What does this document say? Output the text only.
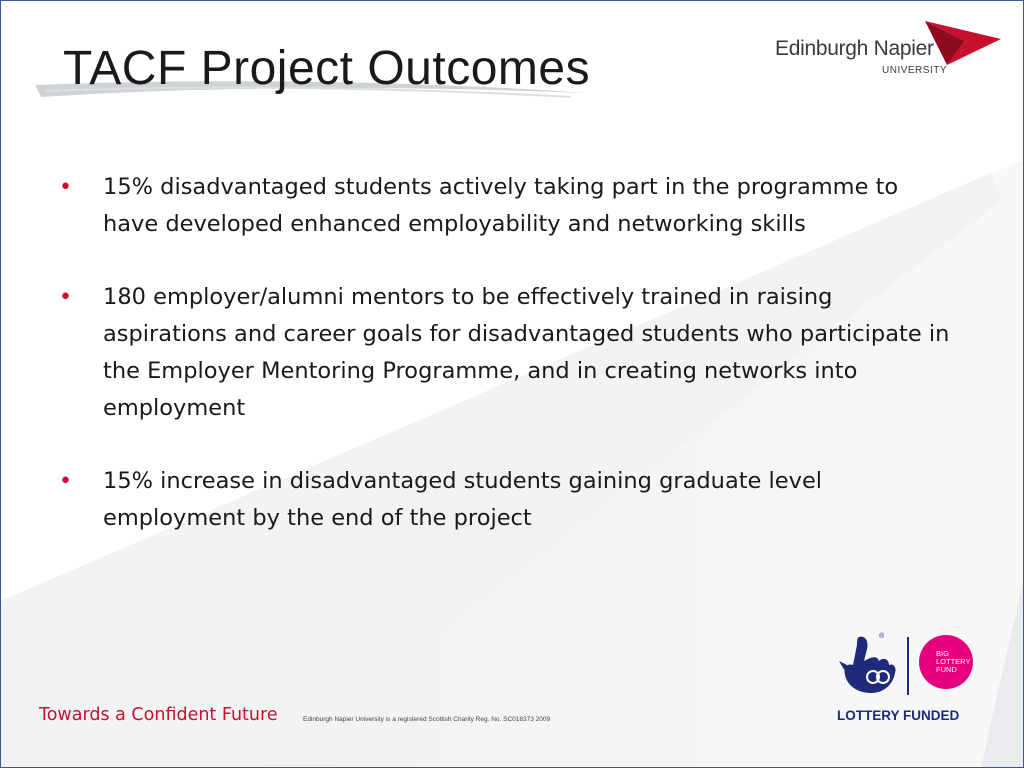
TACF Project Outcomes	Edinburgh Napier
UNIVERSITY
• 15% disadvantaged students actively taking part in the programme to have developed enhanced employability and networking skills
• 180 employer/alumni mentors to be effectively trained in raising aspirations and career goals for disadvantaged students who participate in the Employer Mentoring Programme, and in creating networks into employment
• 15% increase in disadvantaged students gaining graduate level employment by the end of the project
Towards a Confident Future	Edinburgh Napier University is a registered Scottish Charity Reg. No. SC018373 2009
®
BIG LOTTERY FUND
LOTTERY FUNDED
